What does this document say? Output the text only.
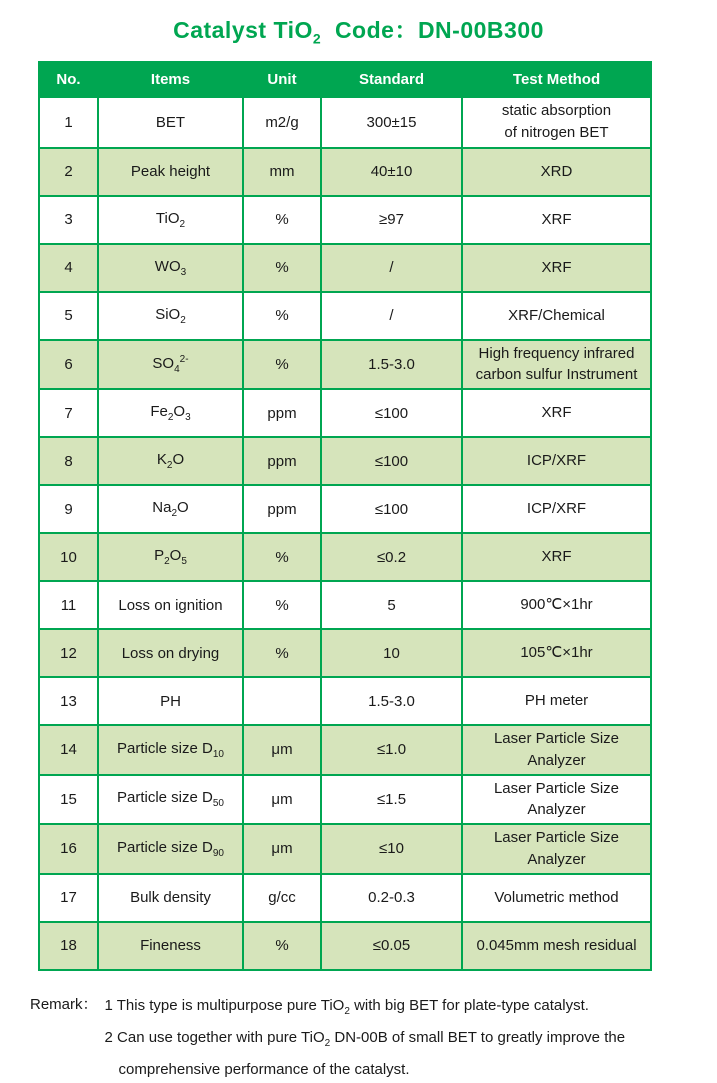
Catalyst TiO$_2$  Code：DN-00B300
No.	Items	Unit	Standard	Test Method
1	BET	m2/g	300±15	static absorption
of nitrogen BET
2	Peak height	mm	40±10	XRD
3	TiO$_2$	%	≥97	XRF
4	$WO_3$	%	/	XRF
5	SiO$_2$	%	/	XRF/Chemical
6	$SO_4^{2-}$	%	1.5-3.0	High frequency infrared
carbon sulfur Instrument
7	$Fe_2O_3$	ppm	≤100	XRF
8	$K_2O$	ppm	≤100	ICP/XRF
9	$Na_2O$	ppm	≤100	ICP/XRF
10	$P_2O_5$	%	≤0.2	XRF
11	Loss on ignition	%	5	900℃×1hr
12	Loss on drying	%	10	105℃×1hr
13	PH		1.5-3.0	PH meter
14	Particle size $D_{10}$	μm	≤1.0	Laser Particle Size
Analyzer
15	Particle size $D_{50}$	μm	≤1.5	Laser Particle Size
Analyzer
16	Particle size $D_{90}$	μm	≤10	Laser Particle Size
Analyzer
17	Bulk density	g/cc	0.2-0.3	Volumetric method
18	Fineness	%	≤0.05	0.045mm mesh residual
Remark： 1 This type is multipurpose pure TiO$_2$ with big BET for plate-type catalyst.
2 Can use together with pure TiO$_2$ DN-00B of small BET to greatly improve the
comprehensive performance of the catalyst.
